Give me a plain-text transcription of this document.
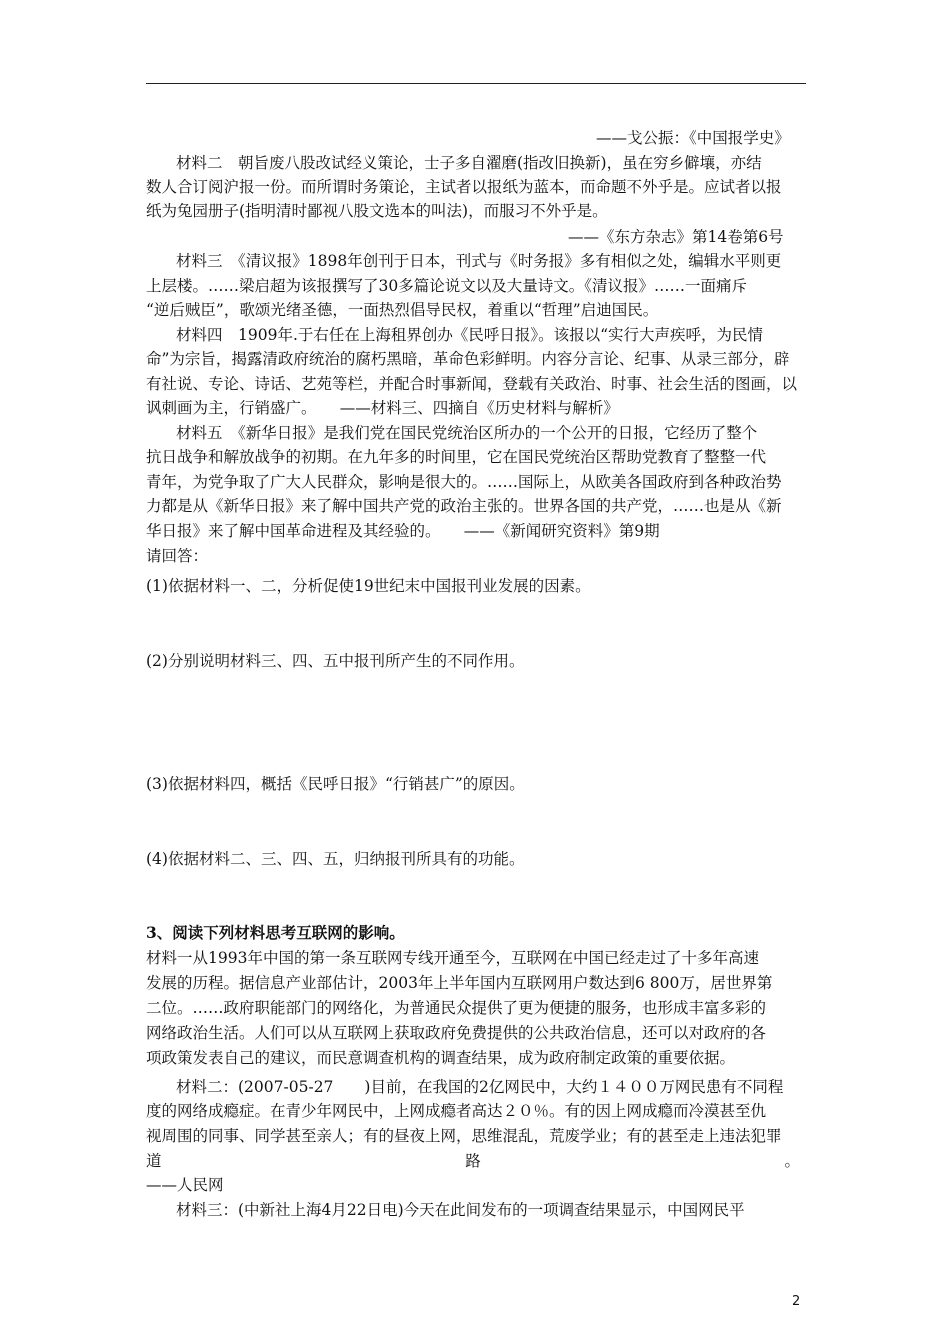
——戈公振：《中国报学史》
材料二　朝旨废八股改试经义策论，士子多自濯磨(指改旧换新)，虽在穷乡僻壤，亦结
数人合订阅沪报一份。而所谓时务策论，主试者以报纸为蓝本，而命题不外乎是。应试者以报
纸为兔园册子(指明清时鄙视八股文选本的叫法)，而服习不外乎是。
——《东方杂志》第14卷第6号
材料三　《清议报》1898年创刊于日本，刊式与《时务报》多有相似之处，编辑水平则更
上层楼。……梁启超为该报撰写了30多篇论说文以及大量诗文。《清议报》……一面痛斥
“逆后贼臣”，歌颂光绪圣德，一面热烈倡导民权，着重以“哲理”启迪国民。
材料四　1909年.于右任在上海租界创办《民呼日报》。该报以“实行大声疾呼，为民情
命”为宗旨，揭露清政府统治的腐朽黑暗，革命色彩鲜明。内容分言论、纪事、从录三部分，辟
有社说、专论、诗话、艺苑等栏，并配合时事新闻，登载有关政治、时事、社会生活的图画，以
讽刺画为主，行销盛广。　　——材料三、四摘自《历史材料与解析》
材料五　《新华日报》是我们党在国民党统治区所办的一个公开的日报，它经历了整个
抗日战争和解放战争的初期。在九年多的时间里，它在国民党统治区帮助党教育了整整一代
青年，为党争取了广大人民群众，影响是很大的。……国际上，从欧美各国政府到各种政治势
力都是从《新华日报》来了解中国共产党的政治主张的。世界各国的共产党，……也是从《新
华日报》来了解中国革命进程及其经验的。　　——《新闻研究资料》第9期
请回答：
(1)依据材料一、二，分析促使19世纪末中国报刊业发展的因素。
(2)分别说明材料三、四、五中报刊所产生的不同作用。
(3)依据材料四，概括《民呼日报》“行销甚广”的原因。
(4)依据材料二、三、四、五，归纳报刊所具有的功能。
3、阅读下列材料思考互联网的影响。
材料一从1993年中国的第一条互联网专线开通至今，互联网在中国已经走过了十多年高速
发展的历程。据信息产业部估计，2003年上半年国内互联网用户数达到6 800万，居世界第
二位。……政府职能部门的网络化，为普通民众提供了更为便捷的服务，也形成丰富多彩的
网络政治生活。人们可以从互联网上获取政府免费提供的公共政治信息，还可以对政府的各
项政策发表自己的建议，而民意调查机构的调查结果，成为政府制定政策的重要依据。
材料二：(2007-05-27　　)目前，在我国的2亿网民中，大约１４００万网民患有不同程
度的网络成瘾症。在青少年网民中，上网成瘾者高达２０％。有的因上网成瘾而冷漠甚至仇
视周围的同事、同学甚至亲人；有的昼夜上网，思维混乱，荒废学业；有的甚至走上违法犯罪
道	路	。
——人民网
材料三：(中新社上海4月22日电)今天在此间发布的一项调查结果显示，中国网民平
2
